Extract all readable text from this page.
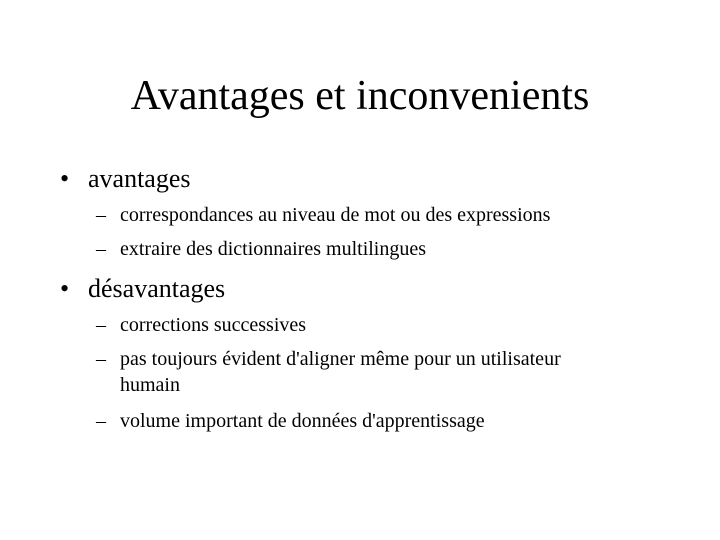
Avantages et inconvenients
• avantages
– correspondances au niveau de mot ou des expressions
– extraire des dictionnaires multilingues
• désavantages
– corrections successives
– pas toujours évident d'aligner même pour un utilisateur
humain
– volume important de données d'apprentissage
